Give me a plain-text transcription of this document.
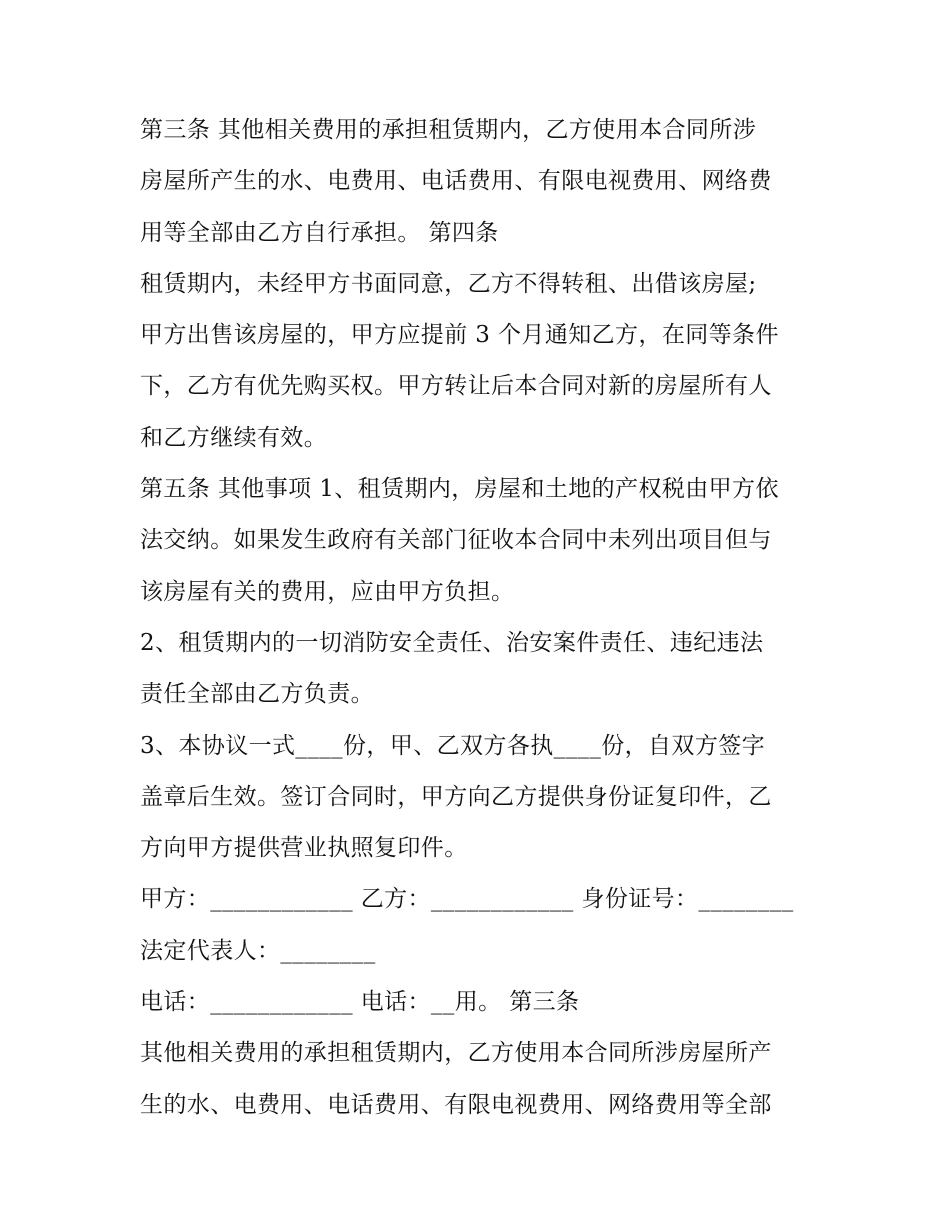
第三条 其他相关费用的承担租赁期内，乙方使用本合同所涉
房屋所产生的水、电费用、电话费用、有限电视费用、网络费
用等全部由乙方自行承担。 第四条
租赁期内，未经甲方书面同意，乙方不得转租、出借该房屋;
甲方出售该房屋的，甲方应提前 3 个月通知乙方，在同等条件
下，乙方有优先购买权。甲方转让后本合同对新的房屋所有人
和乙方继续有效。
第五条 其他事项 1、租赁期内，房屋和土地的产权税由甲方依
法交纳。如果发生政府有关部门征收本合同中未列出项目但与
该房屋有关的费用，应由甲方负担。
2、租赁期内的一切消防安全责任、治安案件责任、违纪违法
责任全部由乙方负责。
3、本协议一式____份，甲、乙双方各执____份，自双方签字
盖章后生效。签订合同时，甲方向乙方提供身份证复印件，乙
方向甲方提供营业执照复印件。
甲方：____________ 乙方：____________ 身份证号：________
法定代表人：________
电话：____________ 电话：__用。 第三条
其他相关费用的承担租赁期内，乙方使用本合同所涉房屋所产
生的水、电费用、电话费用、有限电视费用、网络费用等全部
